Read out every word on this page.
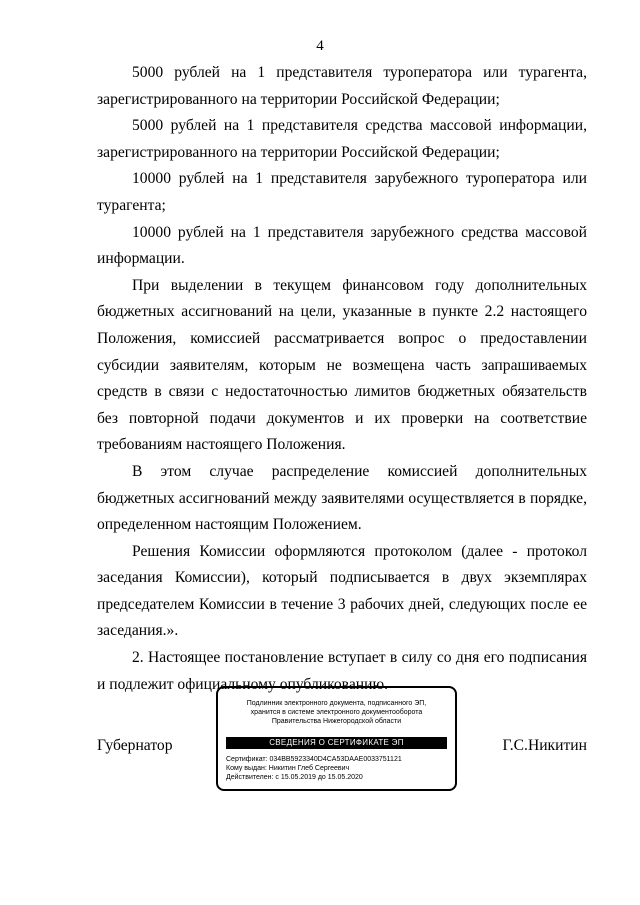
4

5000 рублей на 1 представителя туроператора или турагента, зарегистрированного на территории Российской Федерации;

5000 рублей на 1 представителя средства массовой информации, зарегистрированного на территории Российской Федерации;

10000 рублей на 1 представителя зарубежного туроператора или турагента;

10000 рублей на 1 представителя зарубежного средства массовой информации.

При выделении в текущем финансовом году дополнительных бюджетных ассигнований на цели, указанные в пункте 2.2 настоящего Положения, комиссией рассматривается вопрос о предоставлении субсидии заявителям, которым не возмещена часть запрашиваемых средств в связи с недостаточностью лимитов бюджетных обязательств без повторной подачи документов и их проверки на соответствие требованиям настоящего Положения.

В этом случае распределение комиссией дополнительных бюджетных ассигнований между заявителями осуществляется в порядке, определенном настоящим Положением.

Решения Комиссии оформляются протоколом (далее - протокол заседания Комиссии), который подписывается в двух экземплярах председателем Комиссии в течение 3 рабочих дней, следующих после ее заседания.».

2. Настоящее постановление вступает в силу со дня его подписания и подлежит официальному опубликованию.

Губернатор	Г.С.Никитин
Подлинник электронного документа, подписанного ЭП,
хранится в системе электронного документооборота
Правительства Нижегородской области
СВЕДЕНИЯ О СЕРТИФИКАТЕ ЭП
Сертификат: 034BB5923340D4CA53DAAE0033751121
Кому выдан: Никитин Глеб Сергеевич
Действителен: с 15.05.2019 до 15.05.2020
